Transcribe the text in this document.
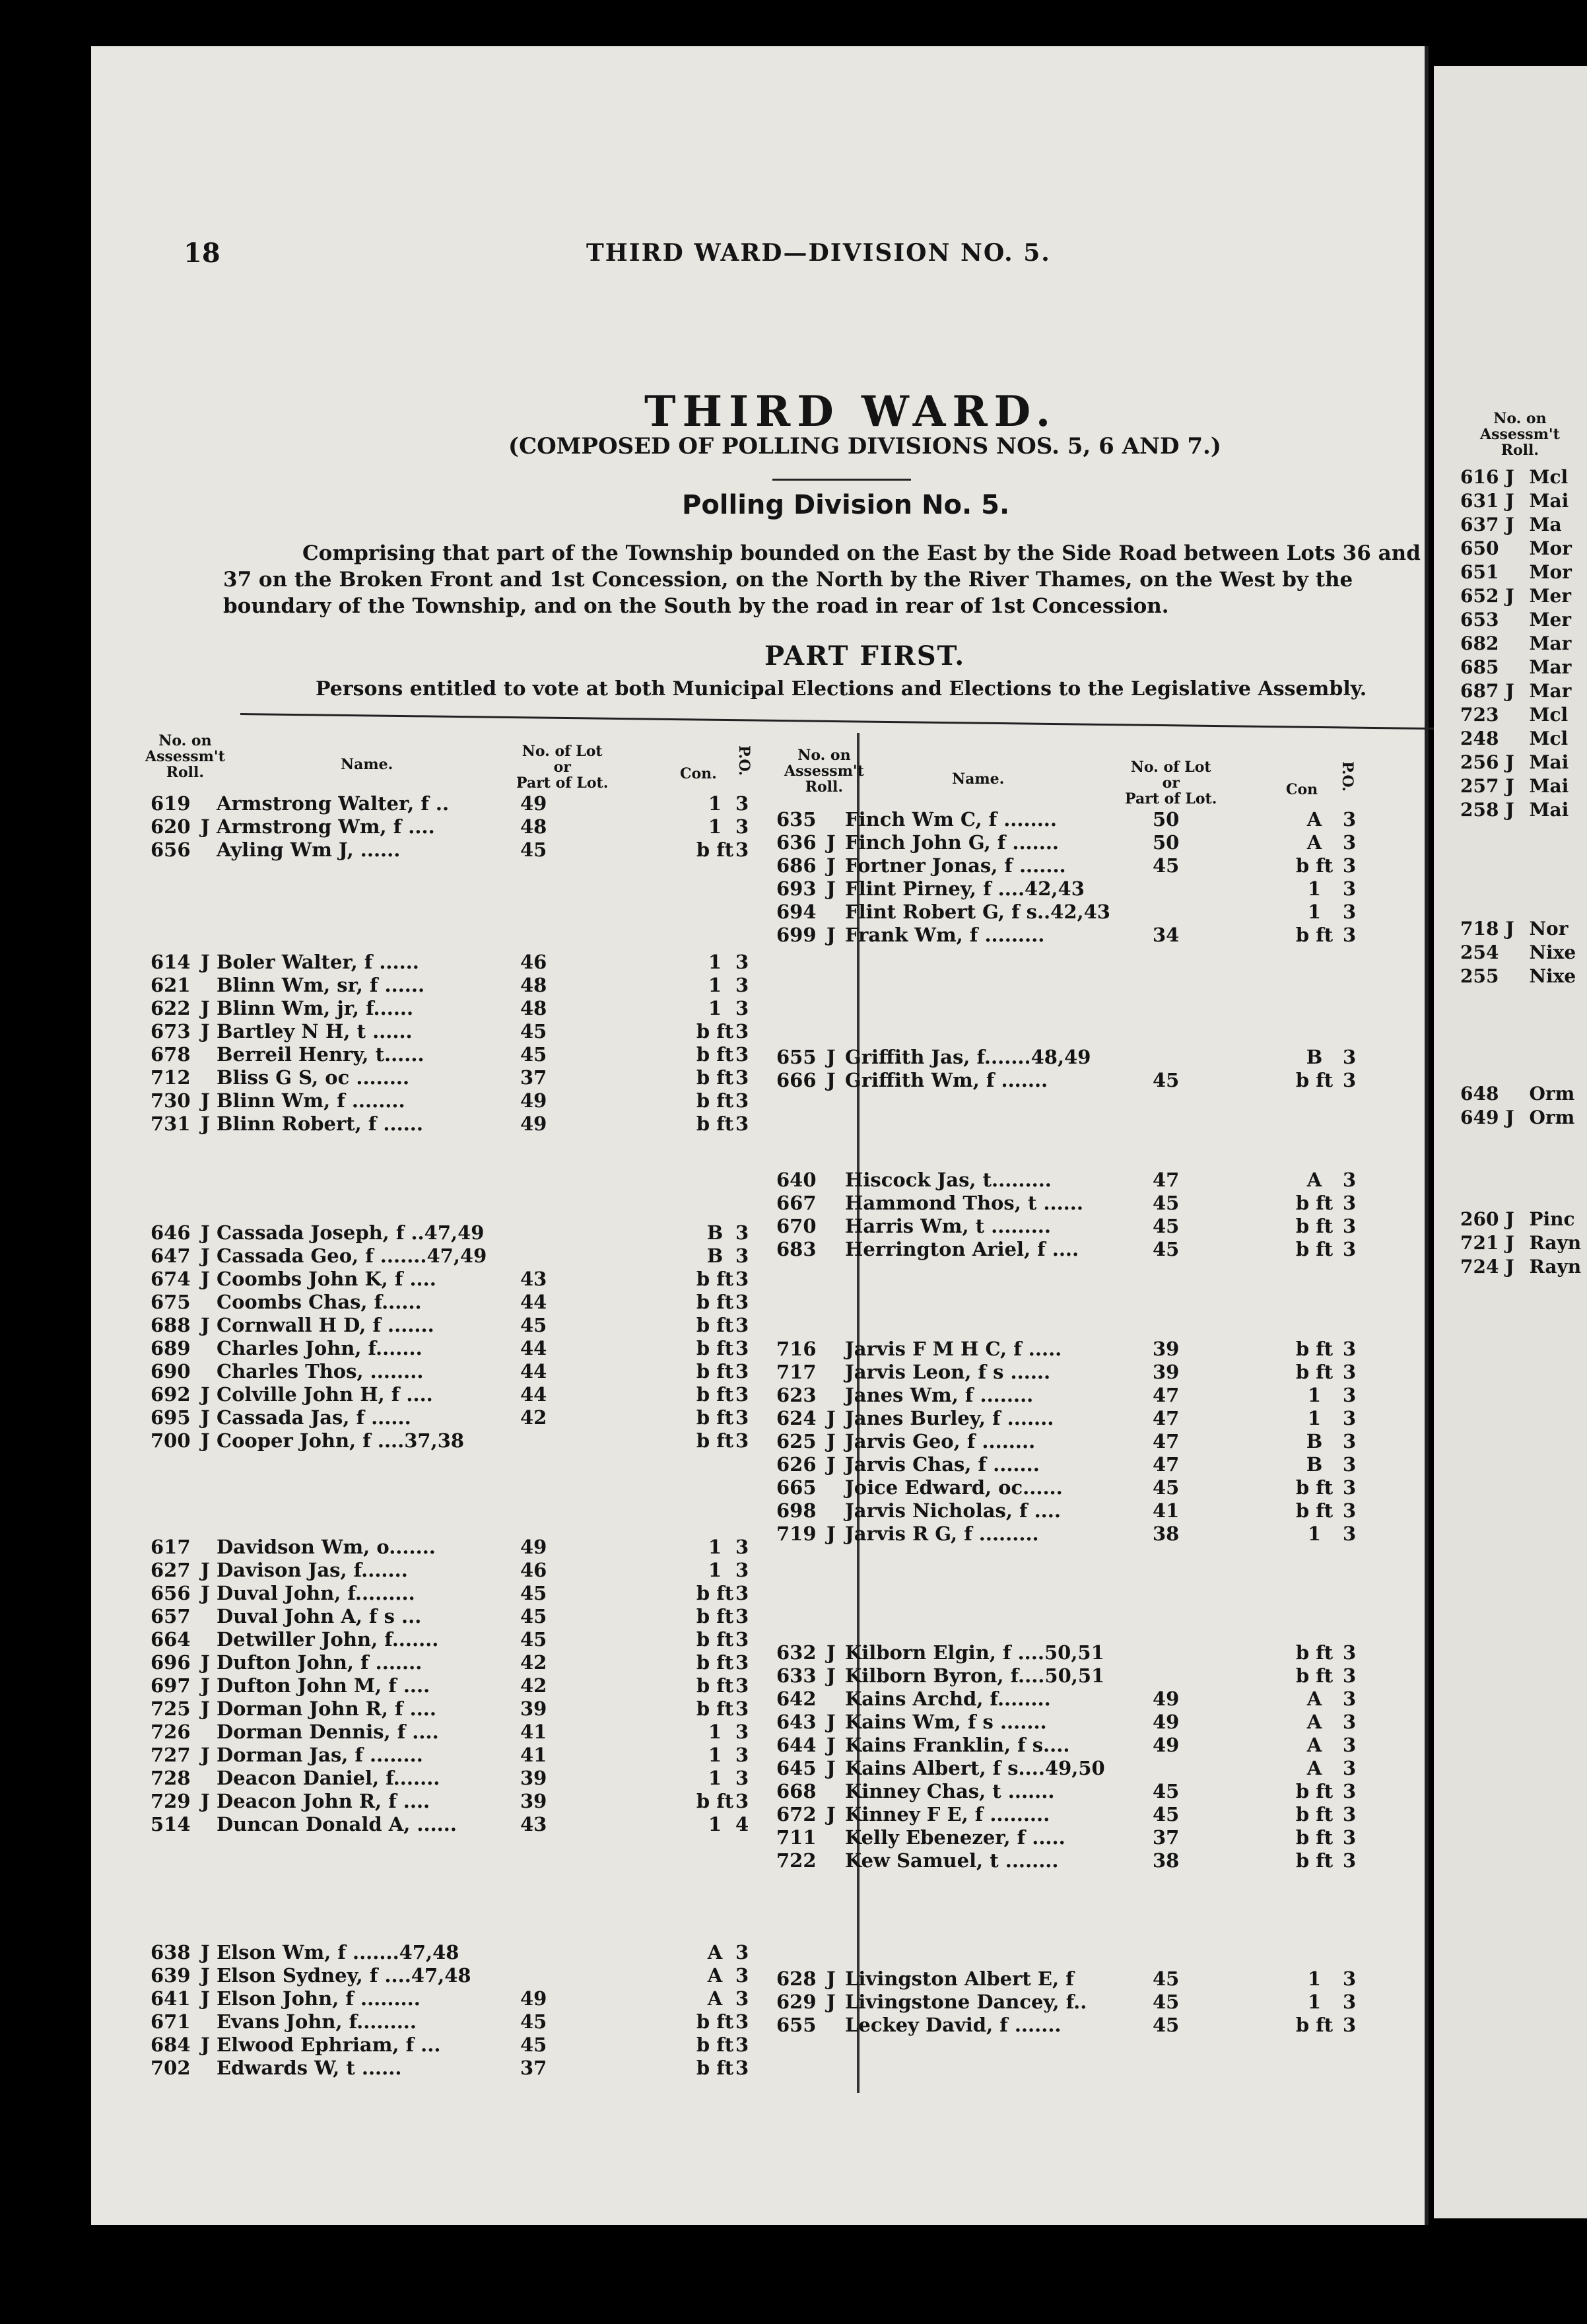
18	THIRD WARD—DIVISION NO. 5.
THIRD WARD.
(COMPOSED OF POLLING DIVISIONS NOS. 5, 6 AND 7.)
Polling Division No. 5.
Comprising that part of the Township bounded on the East by the Side Road between Lots 36 and
37 on the Broken Front and 1st Concession, on the North by the River Thames, on the West by the
boundary of the Township, and on the South by the road in rear of 1st Concession.
PART FIRST.
Persons entitled to vote at both Municipal Elections and Elections to the Legislative Assembly.
No. on
Assessm't
Roll.	Name.
No. of Lot
or
Part of Lot.
Con. P.O.	No. on
Assessm't
Roll.	Name.
No. of Lot
or
Part of Lot.
Con P.O.
619	Armstrong Walter, f ..	49	1 3
620 J Armstrong Wm, f ....	48	1 3
656	Ayling Wm J, ......	45	b ft 3
614 J Boler Walter, f ......	46	1 3
621	Blinn Wm, sr, f ......	48	1 3
622 J Blinn Wm, jr, f......	48	1 3
673 J Bartley N H, t ......	45	b ft 3
678	Berreil Henry, t......	45	b ft 3
712	Bliss G S, oc ........	37	b ft 3
730 J Blinn Wm, f ........	49	b ft 3
731 J Blinn Robert, f ......	49	b ft 3
646 J Cassada Joseph, f ..47,49	B 3
647 J Cassada Geo, f .......47,49	B 3
674 J Coombs John K, f ....	43	b ft 3
675	Coombs Chas, f......	44	b ft 3
688 J Cornwall H D, f .......	45	b ft 3
689	Charles John, f.......	44	b ft 3
690	Charles Thos, ........	44	b ft 3
692 J Colville John H, f ....	44	b ft 3
695 J Cassada Jas, f ......	42	b ft 3
700 J Cooper John, f ....37,38	b ft 3
617	Davidson Wm, o.......	49	1 3
627 J Davison Jas, f.......	46	1 3
656 J Duval John, f.........	45	b ft 3
657	Duval John A, f s ...	45	b ft 3
664	Detwiller John, f.......	45	b ft 3
696 J Dufton John, f .......	42	b ft 3
697 J Dufton John M, f ....	42	b ft 3
725 J Dorman John R, f ....	39	b ft 3
726	Dorman Dennis, f ....	41	1 3
727 J Dorman Jas, f ........	41	1 3
728	Deacon Daniel, f.......	39	1 3
729 J Deacon John R, f ....	39	b ft 3
514	Duncan Donald A, ......	43	1 4
638 J Elson Wm, f .......47,48	A 3
639 J Elson Sydney, f ....47,48	A 3
641 J Elson John, f .........	49	A 3
671	Evans John, f.........	45	b ft 3
684 J Elwood Ephriam, f ...	45	b ft 3
702	Edwards W, t ......	37	b ft 3
635	Finch Wm C, f ........	50	A	3
636 J Finch John G, f .......	50	A	3
686 J Fortner Jonas, f .......	45	b ft 3
693 J Flint Pirney, f ....42,43	1	3
694	Flint Robert G, f s..42,43	1	3
699 J Frank Wm, f .........	34	b ft 3
655 J Griffith Jas, f.......48,49	B	3
666 J Griffith Wm, f .......	45	b ft 3
640	Hiscock Jas, t.........	47	A	3
667	Hammond Thos, t ......	45	b ft 3
670	Harris Wm, t .........	45	b ft 3
683	Herrington Ariel, f ....	45	b ft 3
716	Jarvis F M H C, f .....	39	b ft 3
717	Jarvis Leon, f s ......	39	b ft 3
623	Janes Wm, f ........	47	1	3
624 J Janes Burley, f .......	47	1	3
625 J Jarvis Geo, f ........	47	B	3
626 J Jarvis Chas, f .......	47	B	3
665	Joice Edward, oc......	45	b ft 3
698	Jarvis Nicholas, f ....	41	b ft 3
719 J Jarvis R G, f .........	38	1	3
632 J Kilborn Elgin, f ....50,51	b ft 3
633 J Kilborn Byron, f....50,51	b ft 3
642	Kains Archd, f........	49	A	3
643 J Kains Wm, f s .......	49	A	3
644 J Kains Franklin, f s....	49	A	3
645 J Kains Albert, f s....49,50	A	3
668	Kinney Chas, t .......	45	b ft 3
672 J Kinney F E, f .........	45	b ft 3
711	Kelly Ebenezer, f .....	37	b ft 3
722	Kew Samuel, t ........	38	b ft 3
628 J Livingston Albert E, f	45	1	3
629 J Livingstone Dancey, f..	45	1	3
655	Leckey David, f .......	45	b ft 3
No. on
Assessm't
Roll.
616 J Mcl
631 J Mai
637 J Ma
650 Mor
651 Mor
652 J Mer
653 Mer
682 Mar
685 Mar
687 J Mar
723 Mcl
248 Mcl
256 J Mai
257 J Mai
258 J Mai
718 J Nor
254 Nixe
255 Nixe
648 Orm
649 J Orm
260 J Pinc
721 J Rayn
724 J Rayn
